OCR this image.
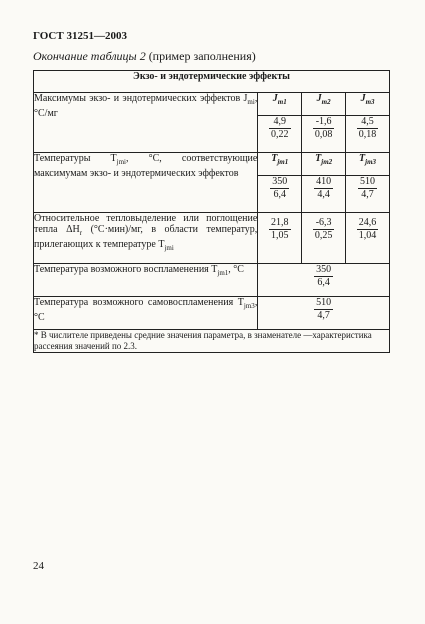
ГОСТ 31251—2003
Окончание таблицы 2 (пример заполнения)
Экзо- и эндотермические эффекты			
Максимумы экзо- и эндотермических эффектов $J_{mi}$, °С/мг	$J_{m1}$	$J_{m2}$	$J_{m3}$

	$\frac{4,9}{0,22}$	$\frac{-1,6}{0,08}$	$\frac{4,5}{0,18}$

Температуры $T_{jmi}$, °С, соответствующие максимумам экзо- и эндотермических эффектов	$T_{jm1}$	$T_{jm2}$	$T_{jm3}$

	$\frac{350}{6,4}$	$\frac{410}{4,4}$	$\frac{510}{4,7}$

Относительное тепловыделение или поглощение тепла $\Delta H_r$ (°С·мин)/мг, в области температур, прилегающих к температуре $T_{jmi}$	$\frac{21,8}{1,05}$	$\frac{-6,3}{0,25}$	$\frac{24,6}{1,04}$

Температура возможного воспламенения $T_{jm1}$, °С	$\frac{350}{6,4}$

Температура возможного самовоспламенения $T_{jm3}$, °С	$\frac{510}{4,7}$

* В числителе приведены средние значения параметра, в знаменателе —характеристика рассеяния значений по 2.3.			
24
